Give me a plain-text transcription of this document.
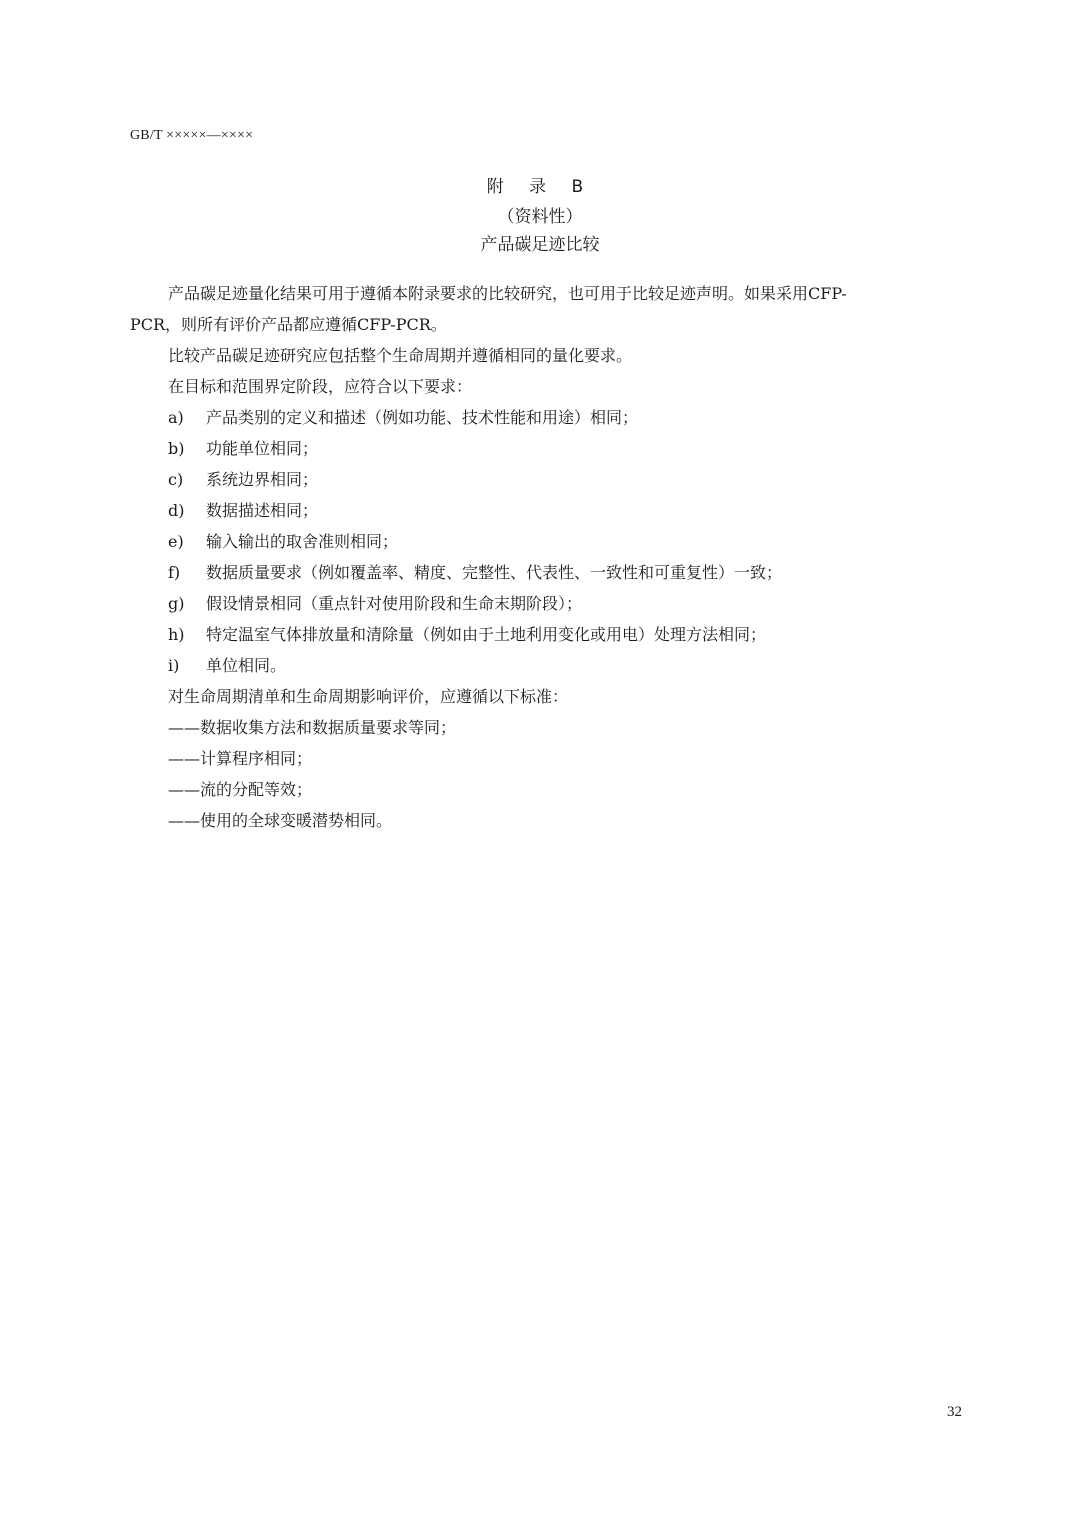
GB/T ×××××—××××
附 录 B
（资料性）
产品碳足迹比较

产品碳足迹量化结果可用于遵循本附录要求的比较研究，也可用于比较足迹声明。如果采用CFP-

PCR，则所有评价产品都应遵循CFP-PCR。

比较产品碳足迹研究应包括整个生命周期并遵循相同的量化要求。

在目标和范围界定阶段，应符合以下要求：

a)	产品类别的定义和描述（例如功能、技术性能和用途）相同；
b)	功能单位相同；
c)	系统边界相同；
d)	数据描述相同；
e)	输入输出的取舍准则相同；
f)	数据质量要求（例如覆盖率、精度、完整性、代表性、一致性和可重复性）一致；
g)	假设情景相同（重点针对使用阶段和生命末期阶段）；
h)	特定温室气体排放量和清除量（例如由于土地利用变化或用电）处理方法相同；
i)	单位相同。

对生命周期清单和生命周期影响评价，应遵循以下标准：

——数据收集方法和数据质量要求等同；

——计算程序相同；

——流的分配等效；

——使用的全球变暖潜势相同。

32
